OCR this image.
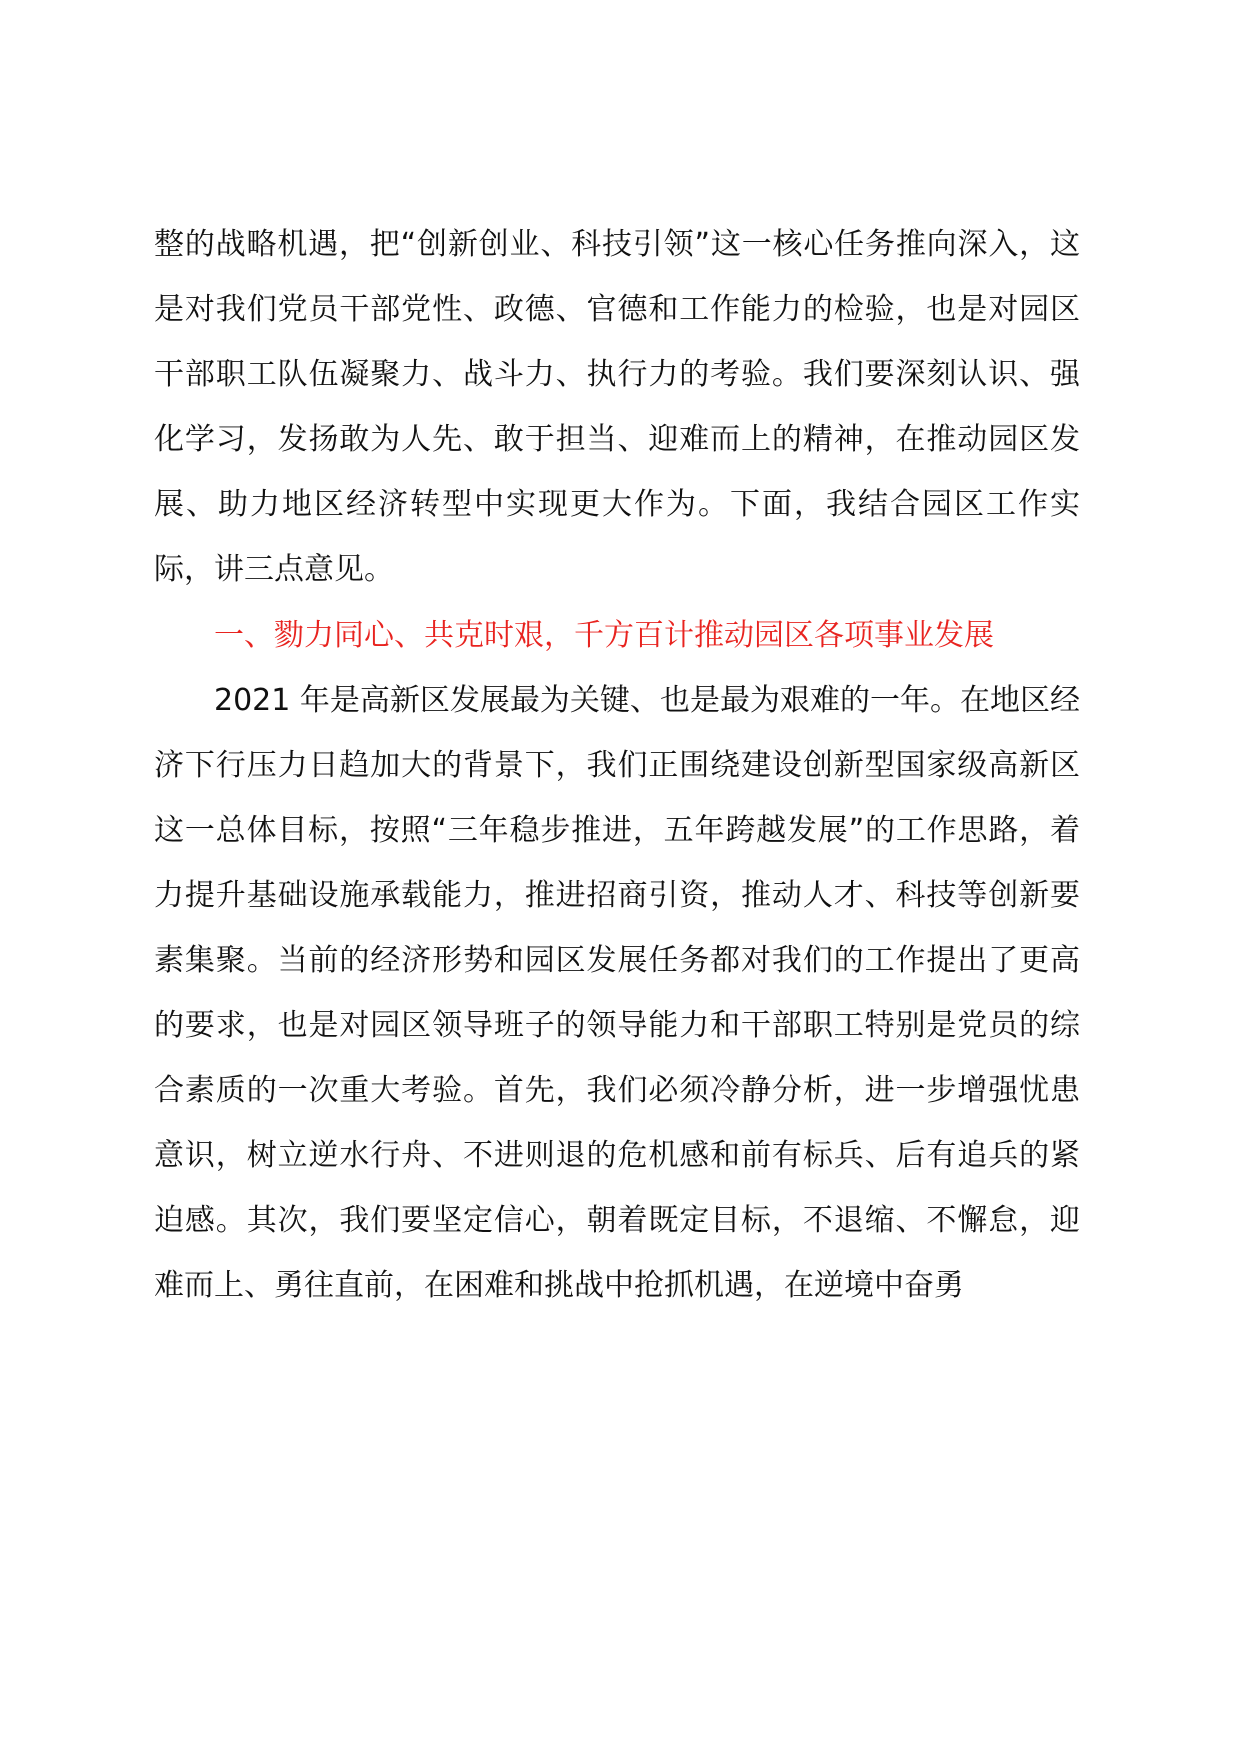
整的战略机遇，把“创新创业、科技引领”这一核心任务推向深入，这是对我们党员干部党性、政德、官德和工作能力的检验，也是对园区干部职工队伍凝聚力、战斗力、执行力的考验。我们要深刻认识、强化学习，发扬敢为人先、敢于担当、迎难而上的精神，在推动园区发展、助力地区经济转型中实现更大作为。下面，我结合园区工作实际，讲三点意见。

一、勠力同心、共克时艰，千方百计推动园区各项事业发展

2021 年是高新区发展最为关键、也是最为艰难的一年。在地区经济下行压力日趋加大的背景下，我们正围绕建设创新型国家级高新区这一总体目标，按照“三年稳步推进，五年跨越发展”的工作思路，着力提升基础设施承载能力，推进招商引资，推动人才、科技等创新要素集聚。当前的经济形势和园区发展任务都对我们的工作提出了更高的要求，也是对园区领导班子的领导能力和干部职工特别是党员的综合素质的一次重大考验。首先，我们必须冷静分析，进一步增强忧患意识，树立逆水行舟、不进则退的危机感和前有标兵、后有追兵的紧迫感。其次，我们要坚定信心，朝着既定目标，不退缩、不懈怠，迎难而上、勇往直前，在困难和挑战中抢抓机遇，在逆境中奋勇
